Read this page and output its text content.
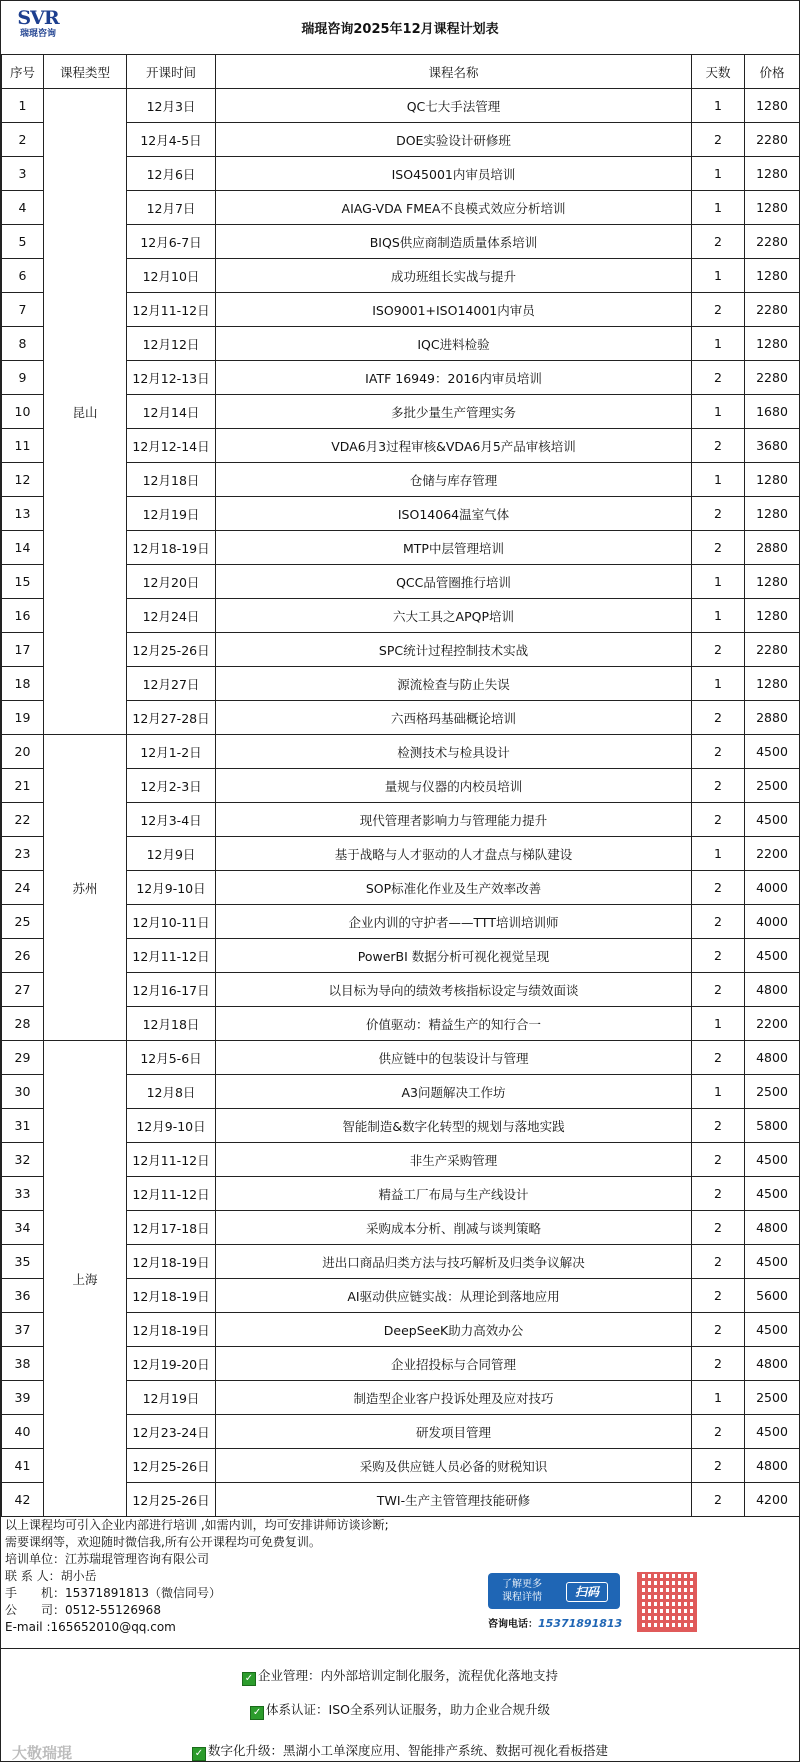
SVR
瑞琨咨询	瑞琨咨询2025年12月课程计划表
序号	课程类型	开课时间	课程名称	天数	价格
1	昆山	12月3日	QC七大手法管理	1	1280
2		12月4-5日	DOE实验设计研修班	2	2280
3		12月6日	ISO45001内审员培训	1	1280
4		12月7日	AIAG-VDA FMEA不良模式效应分析培训	1	1280
5		12月6-7日	BIQS供应商制造质量体系培训	2	2280
6		12月10日	成功班组长实战与提升	1	1280
7		12月11-12日	ISO9001+ISO14001内审员	2	2280
8		12月12日	IQC进料检验	1	1280
9		12月12-13日	IATF 16949：2016内审员培训	2	2280
10		12月14日	多批少量生产管理实务	1	1680
11		12月12-14日	VDA6月3过程审核&VDA6月5产品审核培训	2	3680
12		12月18日	仓储与库存管理	1	1280
13		12月19日	ISO14064温室气体	2	1280
14		12月18-19日	MTP中层管理培训	2	2880
15		12月20日	QCC品管圈推行培训	1	1280
16		12月24日	六大工具之APQP培训	1	1280
17		12月25-26日	SPC统计过程控制技术实战	2	2280
18		12月27日	源流检查与防止失误	1	1280
19		12月27-28日	六西格玛基础概论培训	2	2880
20	苏州	12月1-2日	检测技术与检具设计	2	4500
21		12月2-3日	量规与仪器的内校员培训	2	2500
22		12月3-4日	现代管理者影响力与管理能力提升	2	4500
23		12月9日	基于战略与人才驱动的人才盘点与梯队建设	1	2200
24		12月9-10日	SOP标准化作业及生产效率改善	2	4000
25		12月10-11日	企业内训的守护者——TTT培训培训师	2	4000
26		12月11-12日	PowerBI 数据分析可视化视觉呈现	2	4500
27		12月16-17日	以目标为导向的绩效考核指标设定与绩效面谈	2	4800
28		12月18日	价值驱动：精益生产的知行合一	1	2200
29	上海	12月5-6日	供应链中的包装设计与管理	2	4800
30		12月8日	A3问题解决工作坊	1	2500
31		12月9-10日	智能制造&数字化转型的规划与落地实践	2	5800
32		12月11-12日	非生产采购管理	2	4500
33		12月11-12日	精益工厂布局与生产线设计	2	4500
34		12月17-18日	采购成本分析、削减与谈判策略	2	4800
35		12月18-19日	进出口商品归类方法与技巧解析及归类争议解决	2	4500
36		12月18-19日	AI驱动供应链实战：从理论到落地应用	2	5600
37		12月18-19日	DeepSeeK助力高效办公	2	4500
38		12月19-20日	企业招投标与合同管理	2	4800
39		12月19日	制造型企业客户投诉处理及应对技巧	1	2500
40		12月23-24日	研发项目管理	2	4500
41		12月25-26日	采购及供应链人员必备的财税知识	2	4800
42		12月25-26日	TWI-生产主管管理技能研修	2	4200
以上课程均可引入企业内部进行培训 ,如需内训，均可安排讲师访谈诊断;
需要课纲等，欢迎随时微信我,所有公开课程均可免费复训。
培训单位：江苏瑞琨管理咨询有限公司
联 系 人：胡小岳
手　　机：15371891813（微信同号）
公　　司：0512-55126968
E-mail :165652010@qq.com
了解更多
课程详情	扫码
咨询电话：15371891813
✓ 企业管理：内外部培训定制化服务，流程优化落地支持
✓ 体系认证：ISO全系列认证服务，助力企业合规升级
✓ 数字化升级：黑湖小工单深度应用、智能排产系统、数据可视化看板搭建
大敬瑞琨
